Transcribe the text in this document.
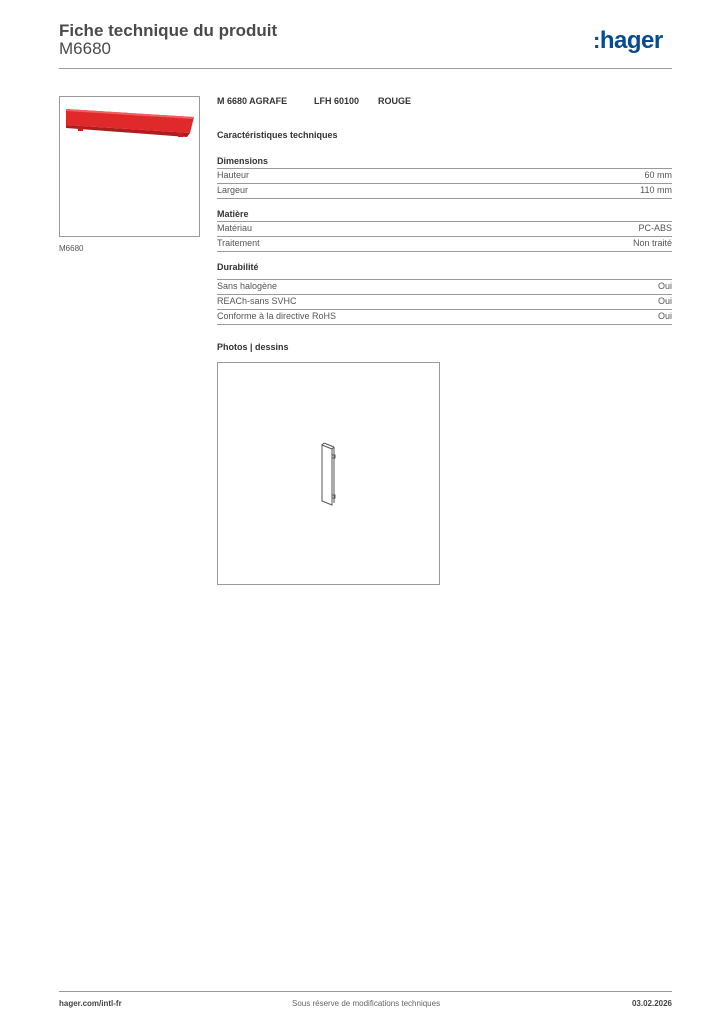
Fiche technique du produit
M6680	:hager
M6680
M 6680 AGRAFE	LFH 60100 ROUGE
Caractéristiques techniques
Dimensions
Hauteur	60 mm
Largeur	110 mm
Matière
Matériau	PC-ABS
Traitement	Non traité
Durabilité
Sans halogène	Oui
REACh-sans SVHC	Oui
Conforme à la directive RoHS	Oui
Photos | dessins
hager.com/intl-fr	Sous réserve de modifications techniques	03.02.2026
